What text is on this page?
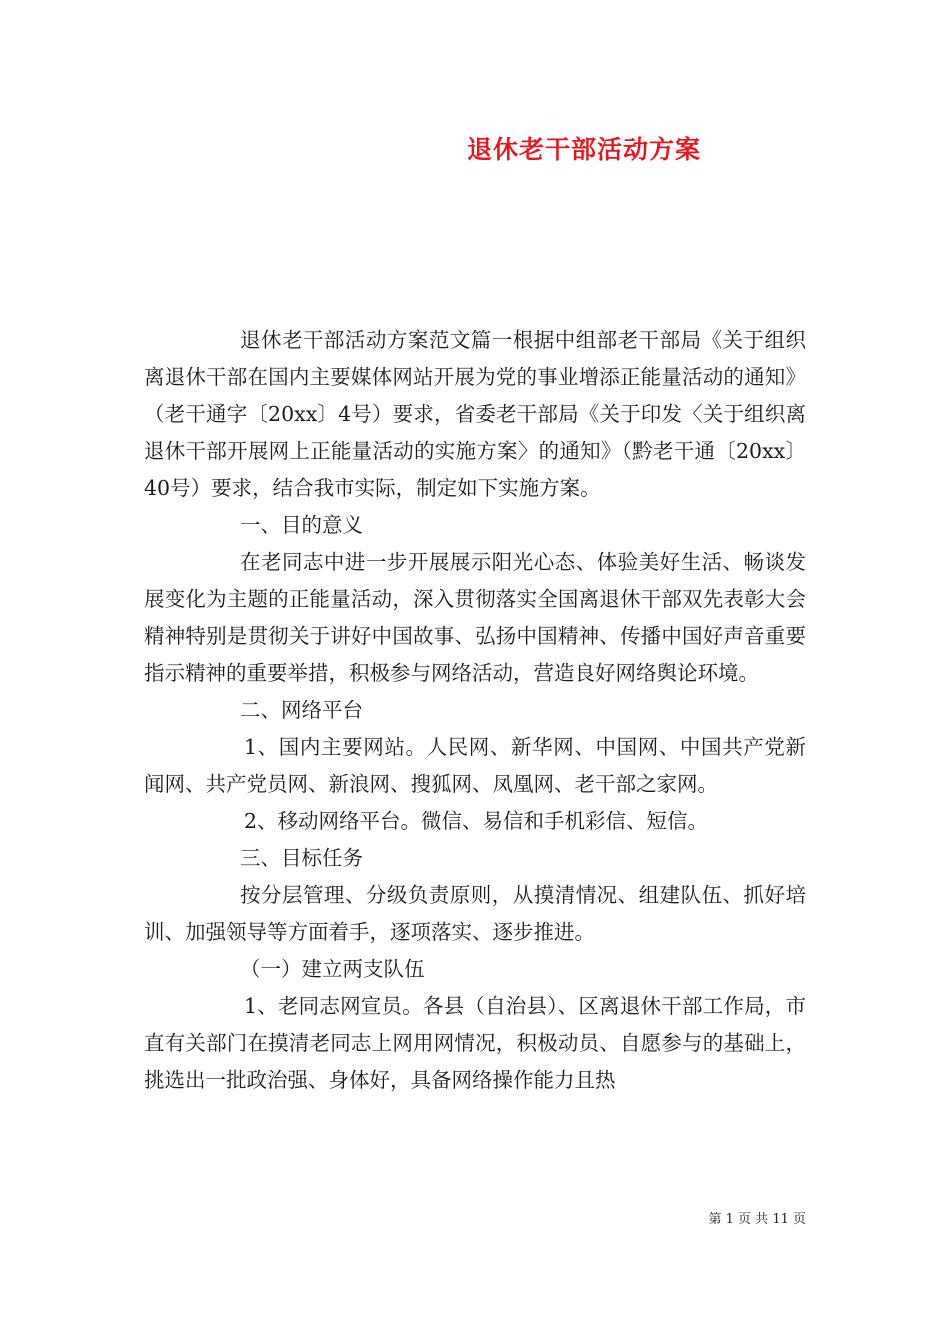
退休老干部活动方案

退休老干部活动方案范文篇一根据中组部老干部局《关于组织离退休干部在国内主要媒体网站开展为党的事业增添正能量活动的通知》（老干通字〔20xx〕4号）要求，省委老干部局《关于印发〈关于组织离退休干部开展网上正能量活动的实施方案〉的通知》（黔老干通〔20xx〕40号）要求，结合我市实际，制定如下实施方案。

一、目的意义

在老同志中进一步开展展示阳光心态、体验美好生活、畅谈发展变化为主题的正能量活动，深入贯彻落实全国离退休干部双先表彰大会精神特别是贯彻关于讲好中国故事、弘扬中国精神、传播中国好声音重要指示精神的重要举措，积极参与网络活动，营造良好网络舆论环境。

二、网络平台

1、国内主要网站。人民网、新华网、中国网、中国共产党新闻网、共产党员网、新浪网、搜狐网、凤凰网、老干部之家网。

2、移动网络平台。微信、易信和手机彩信、短信。

三、目标任务

按分层管理、分级负责原则，从摸清情况、组建队伍、抓好培训、加强领导等方面着手，逐项落实、逐步推进。

（一）建立两支队伍

1、老同志网宣员。各县（自治县）、区离退休干部工作局，市直有关部门在摸清老同志上网用网情况，积极动员、自愿参与的基础上，挑选出一批政治强、身体好，具备网络操作能力且热

第 1 页 共 11 页
